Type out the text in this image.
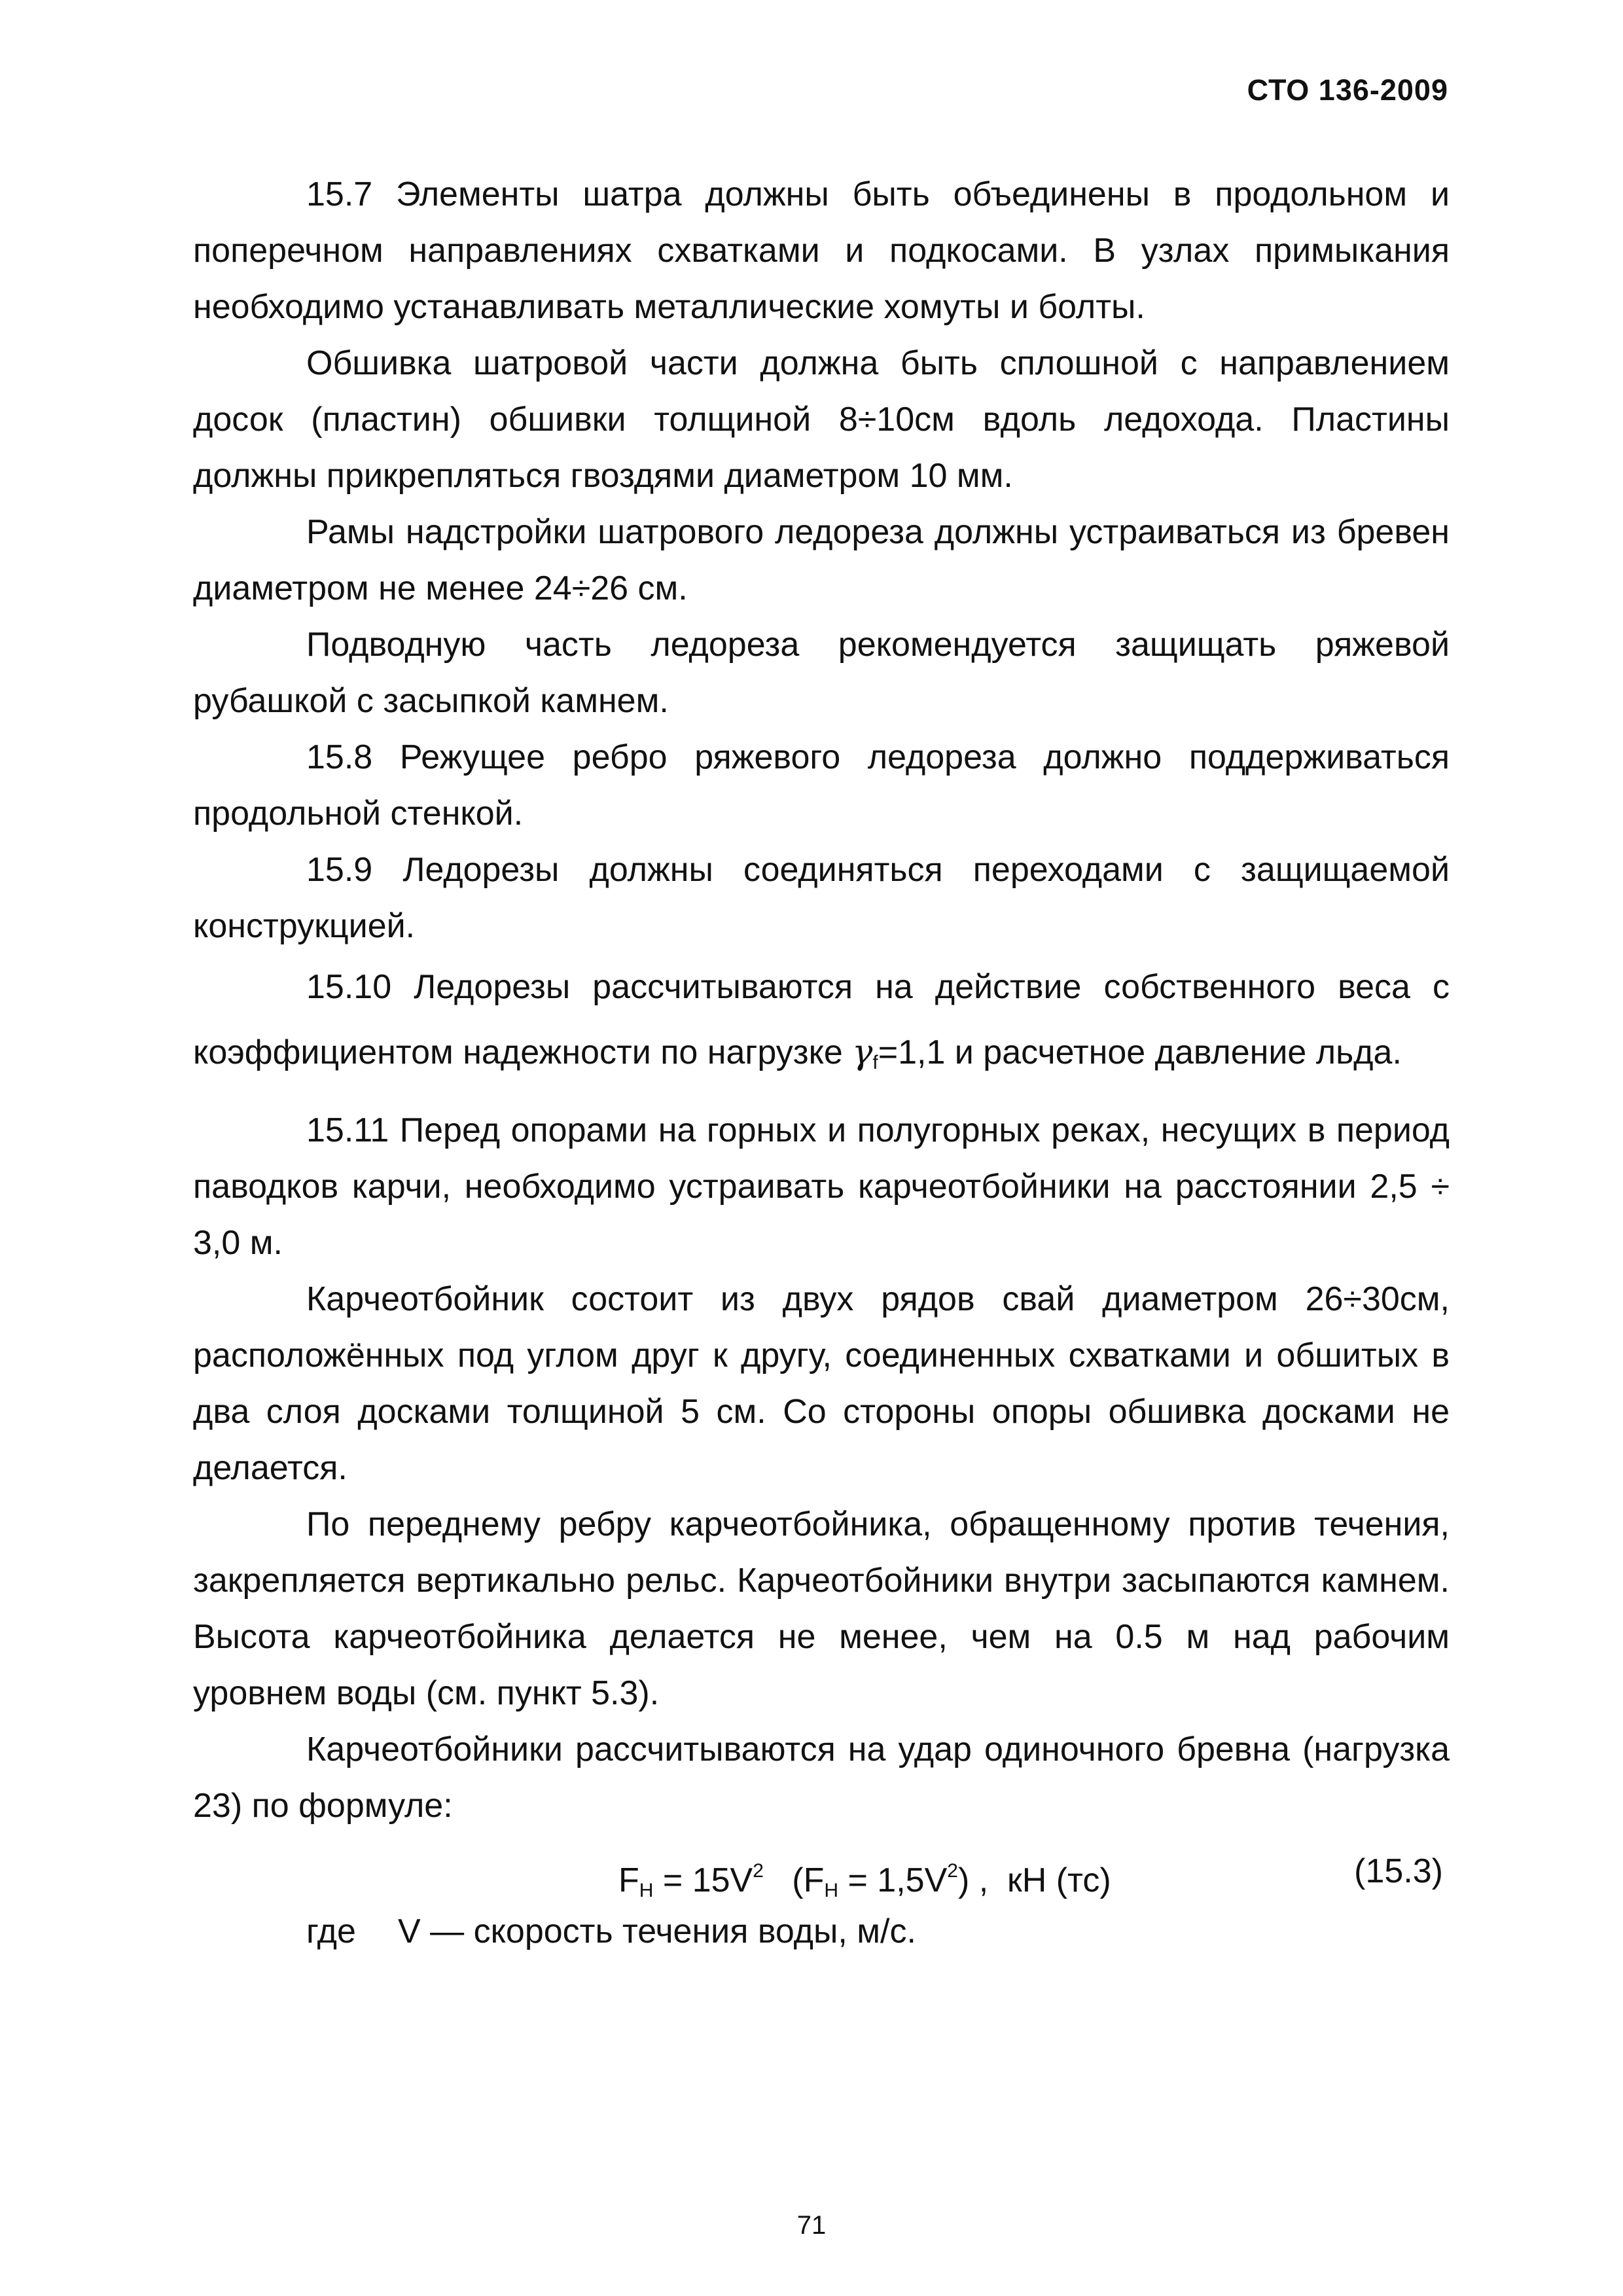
СТО 136-2009

15.7 Элементы шатра должны быть объединены в продольном и поперечном направлениях схватками и подкосами. В узлах примыкания необходимо устанавливать металлические хомуты и болты.

Обшивка шатровой части должна быть сплошной с направлением досок (пластин) обшивки толщиной 8÷10см вдоль ледохода. Пластины должны прикрепляться гвоздями диаметром 10 мм.

Рамы надстройки шатрового ледореза должны устраиваться из бревен диаметром не менее 24÷26 см.

Подводную часть ледореза рекомендуется защищать ряжевой рубашкой с засыпкой камнем.

15.8 Режущее ребро ряжевого ледореза должно поддерживаться продольной стенкой.

15.9 Ледорезы должны соединяться переходами с защищаемой конструкцией.

15.10 Ледорезы рассчитываются на действие собственного веса с коэффициентом надежности по нагрузке $\gamma_f=1,1$ и расчетное давление льда.

15.11 Перед опорами на горных и полугорных реках, несущих в период паводков карчи, необходимо устраивать карчеотбойники на расстоянии 2,5 ÷ 3,0 м.

Карчеотбойник состоит из двух рядов свай диаметром 26÷30см, расположённых под углом друг к другу, соединенных схватками и обшитых в два слоя досками толщиной 5 см. Со стороны опоры обшивка досками не делается.

По переднему ребру карчеотбойника, обращенному против течения, закрепляется вертикально рельс. Карчеотбойники внутри засыпаются камнем. Высота карчеотбойника делается не менее, чем на 0.5 м над рабочим уровнем воды (см. пункт 5.3).

Карчеотбойники рассчитываются на удар одиночного бревна (нагрузка 23) по формуле:

$F_Н = 15V^2$   $(F_Н = 1,5V^2)$ ,  кН (тс)	(15.3)
где V — скорость течения воды, м/с.
71
